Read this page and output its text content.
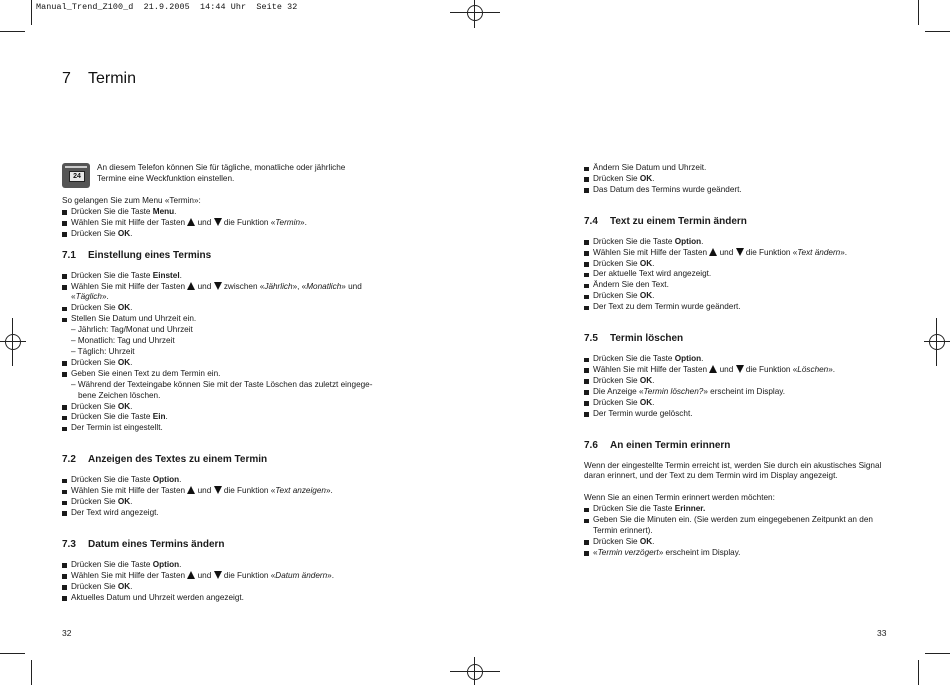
Manual_Trend_Z100_d  21.9.2005  14:44 Uhr  Seite 32
7 Termin
24

An diesem Telefon können Sie für tägliche, monatliche oder jährliche

Termine eine Weckfunktion einstellen.

So gelangen Sie zum Menu «Termin»:

Drücken Sie die Taste Menu.
Wählen Sie mit Hilfe der Tasten  und  die Funktion «Termin».
Drücken Sie OK.
7.1 Einstellung eines Termins
Drücken Sie die Taste Einstel.
Wählen Sie mit Hilfe der Tasten  und  zwischen «Jährlich», «Monatlich» und
«Täglich».
Drücken Sie OK.
Stellen Sie Datum und Uhrzeit ein.
– Jährlich: Tag/Monat und Uhrzeit
– Monatlich: Tag und Uhrzeit
– Täglich: Uhrzeit
Drücken Sie OK.
Geben Sie einen Text zu dem Termin ein.
– Während der Texteingabe können Sie mit der Taste Löschen das zuletzt eingege-
bene Zeichen löschen.
Drücken Sie OK.
Drücken Sie die Taste Ein.
Der Termin ist eingestellt.
7.2 Anzeigen des Textes zu einem Termin
Drücken Sie die Taste Option.
Wählen Sie mit Hilfe der Tasten  und  die Funktion «Text anzeigen».
Drücken Sie OK.
Der Text wird angezeigt.
7.3 Datum eines Termins ändern
Drücken Sie die Taste Option.
Wählen Sie mit Hilfe der Tasten  und  die Funktion «Datum ändern».
Drücken Sie OK.
Aktuelles Datum und Uhrzeit werden angezeigt.
32
Ändern Sie Datum und Uhrzeit.
Drücken Sie OK.
Das Datum des Termins wurde geändert.
7.4 Text zu einem Termin ändern
Drücken Sie die Taste Option.
Wählen Sie mit Hilfe der Tasten  und  die Funktion «Text ändern».
Drücken Sie OK.
Der aktuelle Text wird angezeigt.
Ändern Sie den Text.
Drücken Sie OK.
Der Text zu dem Termin wurde geändert.
7.5 Termin löschen
Drücken Sie die Taste Option.
Wählen Sie mit Hilfe der Tasten  und  die Funktion «Löschen».
Drücken Sie OK.
Die Anzeige «Termin löschen?» erscheint im Display.
Drücken Sie OK.
Der Termin wurde gelöscht.
7.6 An einen Termin erinnern

Wenn der eingestellte Termin erreicht ist, werden Sie durch ein akustisches Signal

daran erinnert, und der Text zu dem Termin wird im Display angezeigt.

Wenn Sie an einen Termin erinnert werden möchten:

Drücken Sie die Taste Erinner.
Geben Sie die Minuten ein. (Sie werden zum eingegebenen Zeitpunkt an den
Termin erinnert).
Drücken Sie OK.
«Termin verzögert» erscheint im Display.
33
